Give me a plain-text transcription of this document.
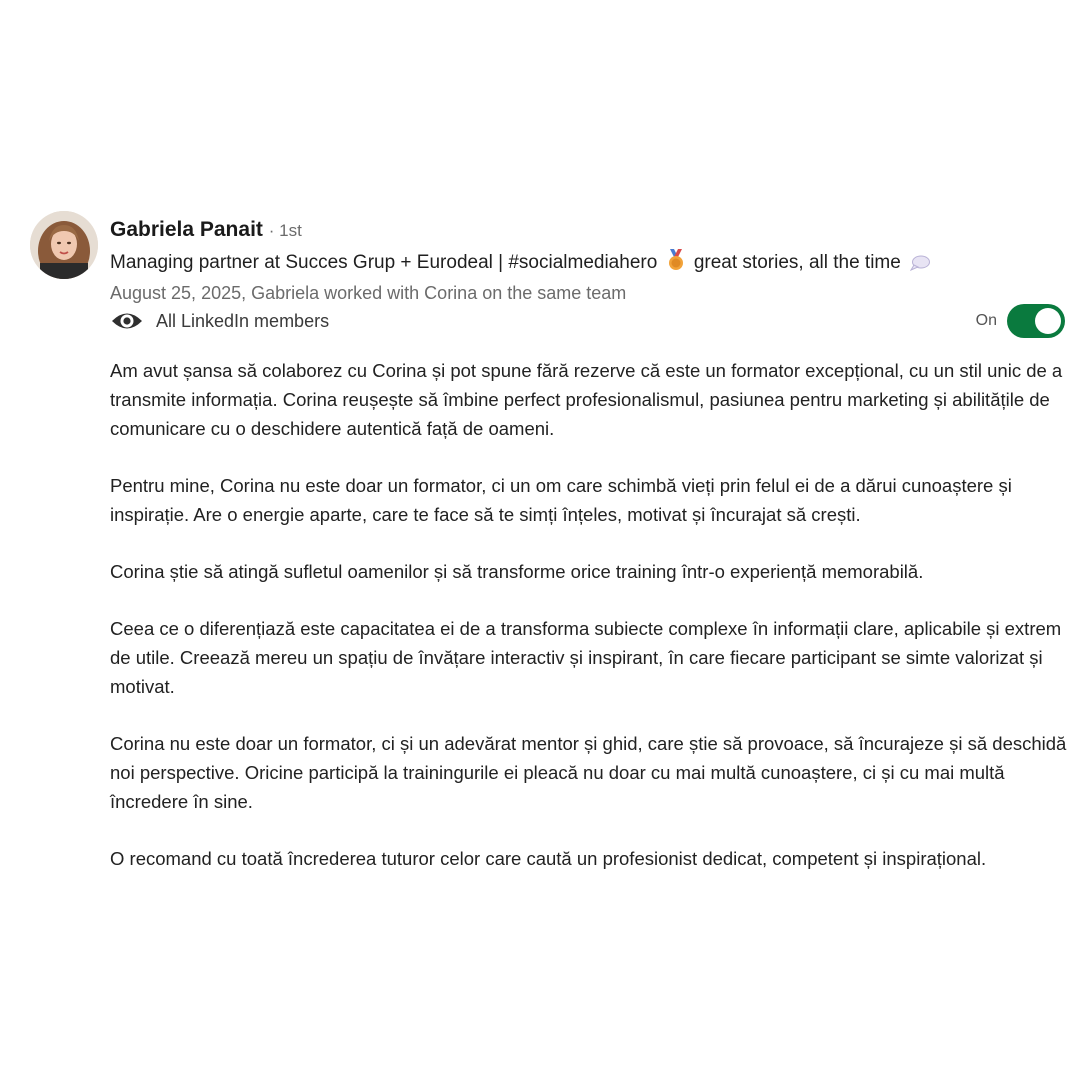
Gabriela Panait · 1st
Managing partner at Succes Grup + Eurodeal | #socialmediahero great stories, all the time
August 25, 2025, Gabriela worked with Corina on the same team
All LinkedIn members	On

Am avut șansa să colaborez cu Corina și pot spune fără rezerve că este un formator excepțional, cu un stil unic de a transmite informația. Corina reușește să îmbine perfect profesionalismul, pasiunea pentru marketing și abilitățile de comunicare cu o deschidere autentică față de oameni.

Pentru mine, Corina nu este doar un formator, ci un om care schimbă vieți prin felul ei de a dărui cunoaștere și inspirație. Are o energie aparte, care te face să te simți înțeles, motivat și încurajat să crești.

Corina știe să atingă sufletul oamenilor și să transforme orice training într-o experiență memorabilă.

Ceea ce o diferențiază este capacitatea ei de a transforma subiecte complexe în informații clare, aplicabile și extrem de utile. Creează mereu un spațiu de învățare interactiv și inspirant, în care fiecare participant se simte valorizat și motivat.

Corina nu este doar un formator, ci și un adevărat mentor și ghid, care știe să provoace, să încurajeze și să deschidă noi perspective. Oricine participă la trainingurile ei pleacă nu doar cu mai multă cunoaștere, ci și cu mai multă încredere în sine.

O recomand cu toată încrederea tuturor celor care caută un profesionist dedicat, competent și inspirațional.
